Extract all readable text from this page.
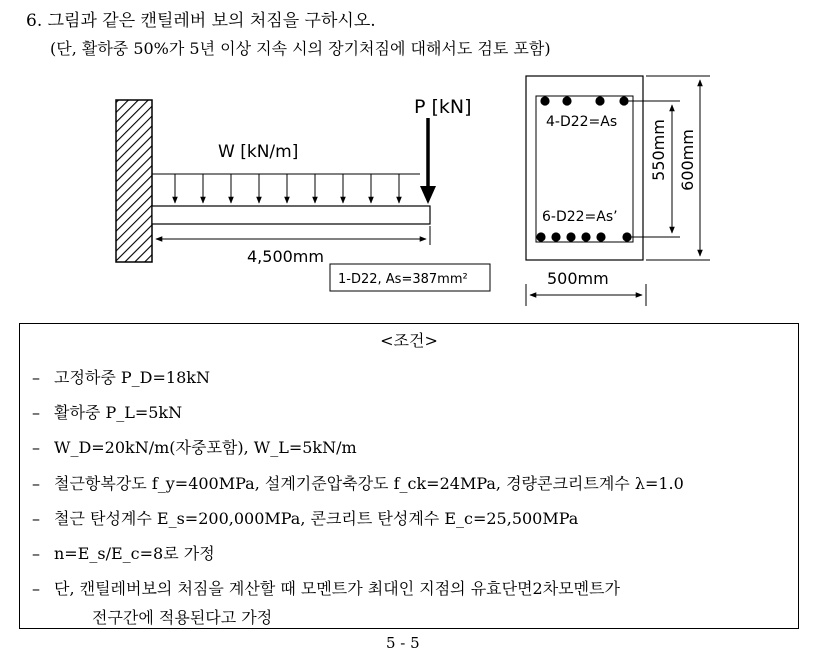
6. 그림과 같은 캔틸레버 보의 처짐을 구하시오.
(단, 활하중 50%가 5년 이상 지속 시의 장기처짐에 대해서도 검토 포함)
W [kN/m]
P [kN]
4,500mm
1-D22, As=387mm²
4-D22=As
6-D22=As’
550mm 600mm
500mm
<조건>
– 고정하중 P_D=18kN
– 활하중 P_L=5kN
– W_D=20kN/m(자중포함), W_L=5kN/m
– 철근항복강도 f_y=400MPa, 설계기준압축강도 f_ck=24MPa, 경량콘크리트계수 λ=1.0
– 철근 탄성계수 E_s=200,000MPa, 콘크리트 탄성계수 E_c=25,500MPa
– n=E_s/E_c=8로 가정
– 단, 캔틸레버보의 처짐을 계산할 때 모멘트가 최대인 지점의 유효단면2차모멘트가
전구간에 적용된다고 가정
5 - 5
